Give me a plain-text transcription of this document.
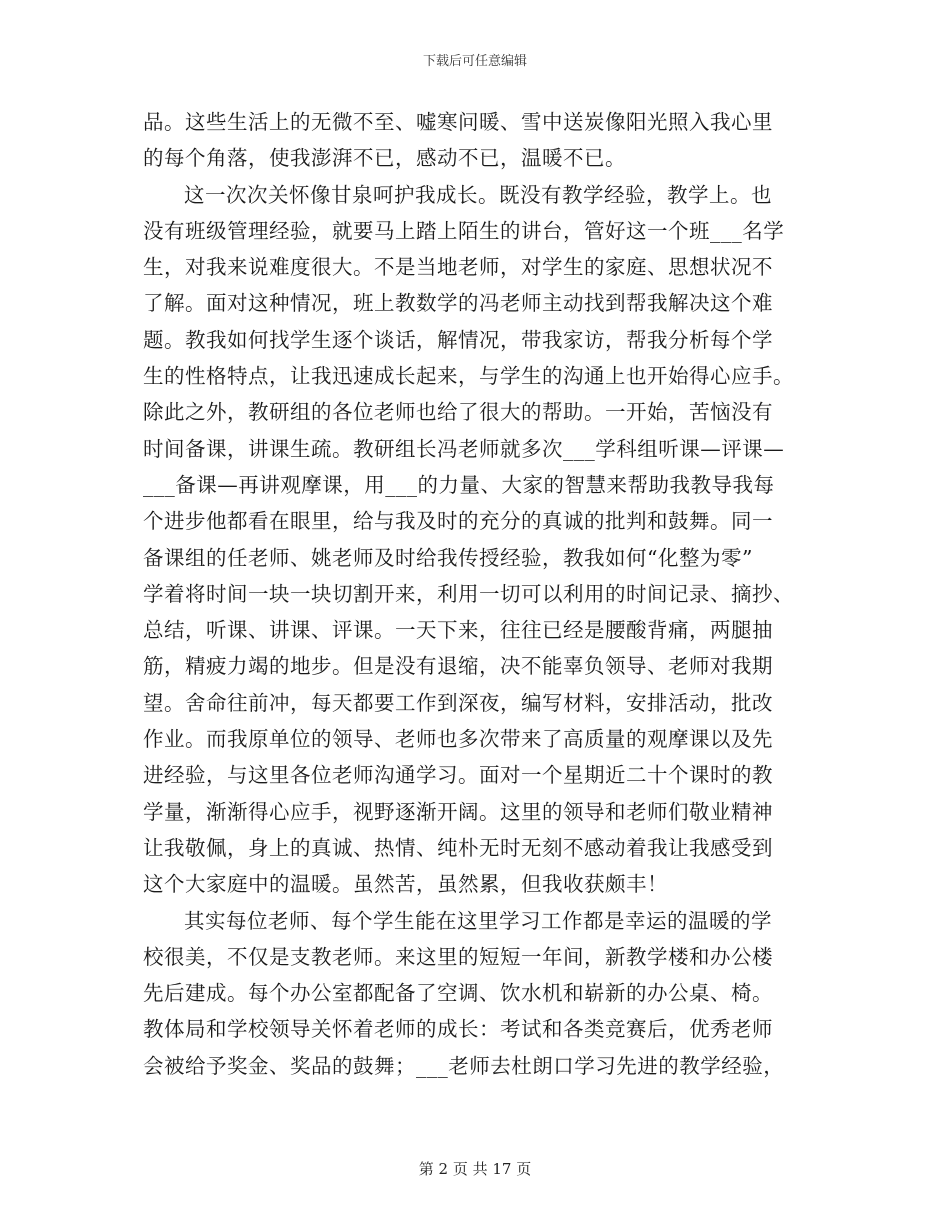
下载后可任意编辑
品。这些生活上的无微不至、嘘寒问暖、雪中送炭像阳光照入我心里
的每个角落，使我澎湃不已，感动不已，温暖不已。
这一次次关怀像甘泉呵护我成长。既没有教学经验，教学上。也
没有班级管理经验，就要马上踏上陌生的讲台，管好这一个班___名学
生，对我来说难度很大。不是当地老师，对学生的家庭、思想状况不
了解。面对这种情况，班上教数学的冯老师主动找到帮我解决这个难
题。教我如何找学生逐个谈话，解情况，带我家访，帮我分析每个学
生的性格特点，让我迅速成长起来，与学生的沟通上也开始得心应手。
除此之外，教研组的各位老师也给了很大的帮助。一开始，苦恼没有
时间备课，讲课生疏。教研组长冯老师就多次___学科组听课—评课—
___备课—再讲观摩课，用___的力量、大家的智慧来帮助我教导我每
个进步他都看在眼里，给与我及时的充分的真诚的批判和鼓舞。同一
备课组的任老师、姚老师及时给我传授经验，教我如何“化整为零”
学着将时间一块一块切割开来，利用一切可以利用的时间记录、摘抄、
总结，听课、讲课、评课。一天下来，往往已经是腰酸背痛，两腿抽
筋，精疲力竭的地步。但是没有退缩，决不能辜负领导、老师对我期
望。舍命往前冲，每天都要工作到深夜，编写材料，安排活动，批改
作业。而我原单位的领导、老师也多次带来了高质量的观摩课以及先
进经验，与这里各位老师沟通学习。面对一个星期近二十个课时的教
学量，渐渐得心应手，视野逐渐开阔。这里的领导和老师们敬业精神
让我敬佩，身上的真诚、热情、纯朴无时无刻不感动着我让我感受到
这个大家庭中的温暖。虽然苦，虽然累，但我收获颇丰！
其实每位老师、每个学生能在这里学习工作都是幸运的温暖的学
校很美，不仅是支教老师。来这里的短短一年间，新教学楼和办公楼
先后建成。每个办公室都配备了空调、饮水机和崭新的办公桌、椅。
教体局和学校领导关怀着老师的成长：考试和各类竞赛后，优秀老师
会被给予奖金、奖品的鼓舞；___老师去杜朗口学习先进的教学经验，
第 2 页 共 17 页
